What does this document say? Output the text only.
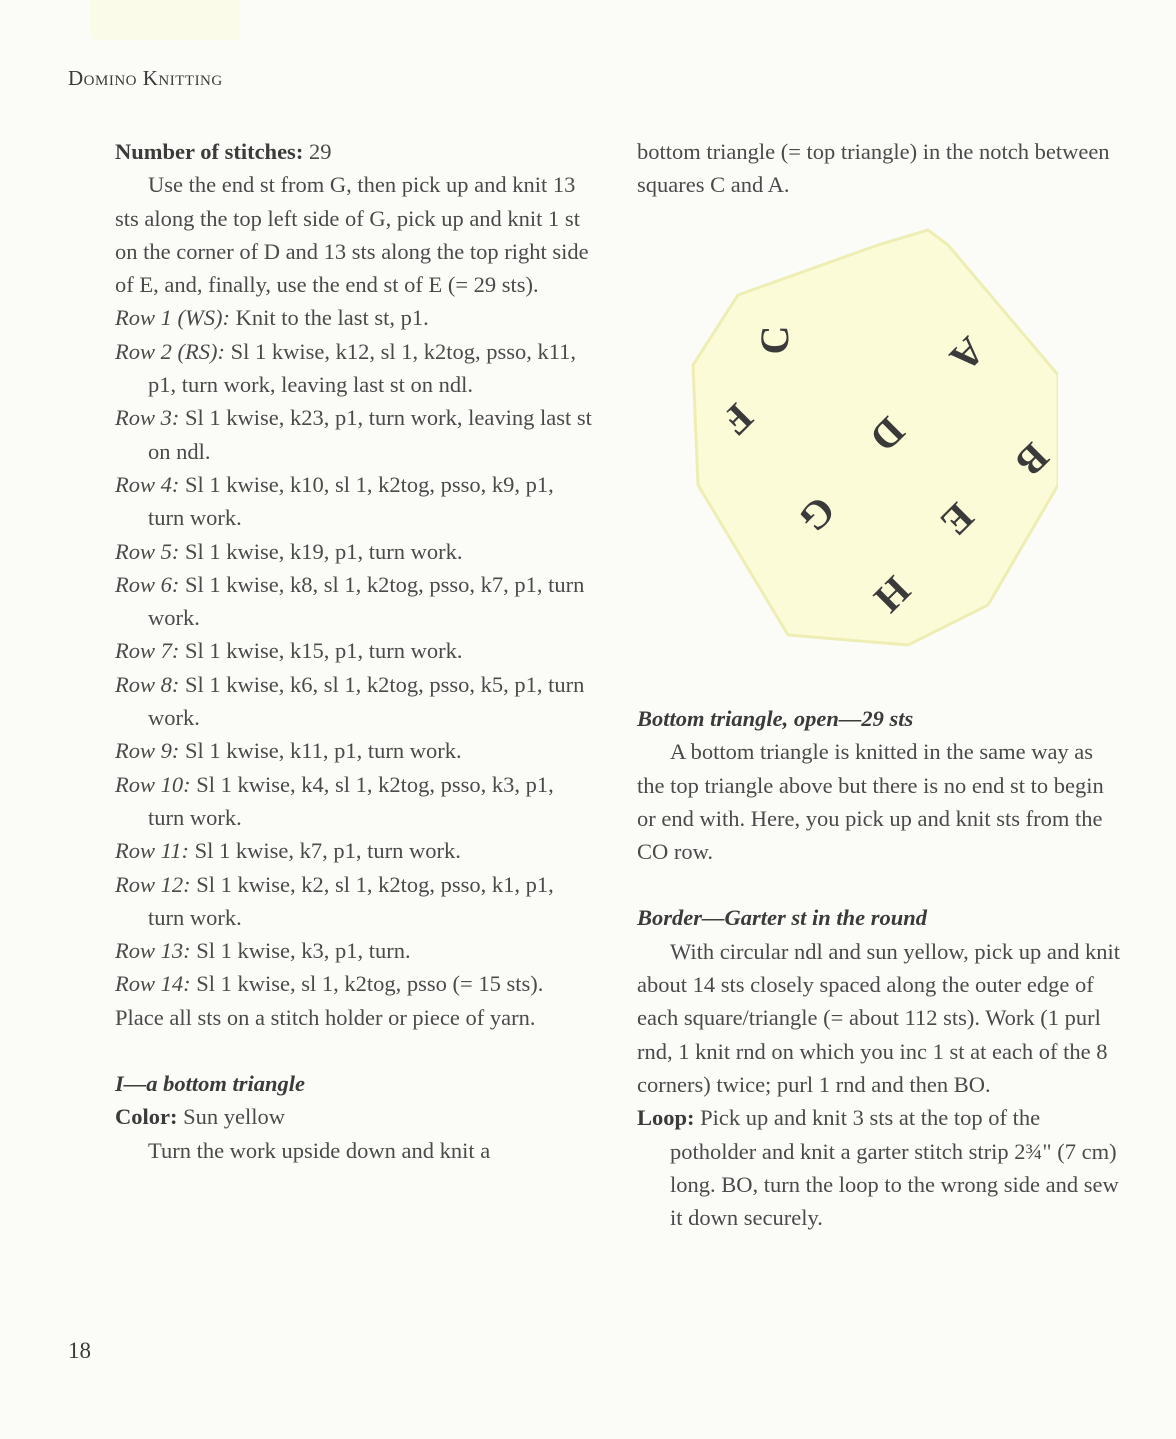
Domino Knitting

Number of stitches: 29

Use the end st from G, then pick up and knit 13 sts along the top left side of G, pick up and knit 1 st on the corner of D and 13 sts along the top right side of E, and, finally, use the end st of E (= 29 sts).

Row 1 (WS): Knit to the last st, p1.

Row 2 (RS): Sl 1 kwise, k12, sl 1, k2tog, psso, k11, p1, turn work, leaving last st on ndl.

Row 3: Sl 1 kwise, k23, p1, turn work, leaving last st on ndl.

Row 4: Sl 1 kwise, k10, sl 1, k2tog, psso, k9, p1, turn work.

Row 5: Sl 1 kwise, k19, p1, turn work.

Row 6: Sl 1 kwise, k8, sl 1, k2tog, psso, k7, p1, turn work.

Row 7: Sl 1 kwise, k15, p1, turn work.

Row 8: Sl 1 kwise, k6, sl 1, k2tog, psso, k5, p1, turn work.

Row 9: Sl 1 kwise, k11, p1, turn work.

Row 10: Sl 1 kwise, k4, sl 1, k2tog, psso, k3, p1, turn work.

Row 11: Sl 1 kwise, k7, p1, turn work.

Row 12: Sl 1 kwise, k2, sl 1, k2tog, psso, k1, p1, turn work.

Row 13: Sl 1 kwise, k3, p1, turn.

Row 14: Sl 1 kwise, sl 1, k2tog, psso (= 15 sts).

Place all sts on a stitch holder or piece of yarn.

I—a bottom triangle

Color: Sun yellow

Turn the work upside down and knit a

bottom triangle (= top triangle) in the notch between squares C and A.

C	A
F D B
G E
H

Bottom triangle, open—29 sts

A bottom triangle is knitted in the same way as the top triangle above but there is no end st to begin or end with. Here, you pick up and knit sts from the CO row.

Border—Garter st in the round

With circular ndl and sun yellow, pick up and knit about 14 sts closely spaced along the outer edge of each square/triangle (= about 112 sts). Work (1 purl rnd, 1 knit rnd on which you inc 1 st at each of the 8 corners) twice; purl 1 rnd and then BO.

Loop: Pick up and knit 3 sts at the top of the potholder and knit a garter stitch strip 2¾" (7 cm) long. BO, turn the loop to the wrong side and sew it down securely.

18
